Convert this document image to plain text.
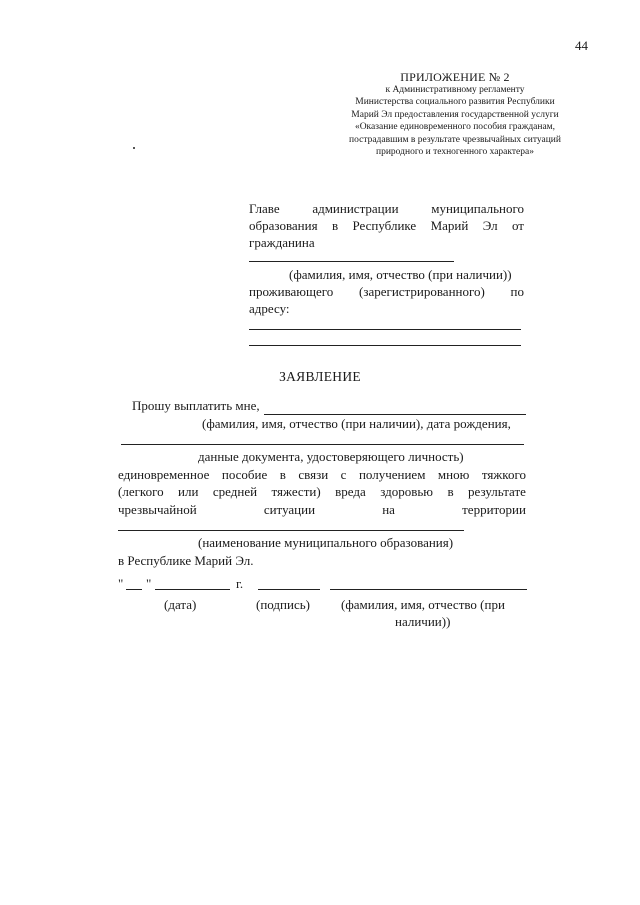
44
ПРИЛОЖЕНИЕ № 2
к Административному регламенту
Министерства социального развития Республики
Марий Эл предоставления государственной услуги
«Оказание единовременного пособия гражданам,
пострадавшим в результате чрезвычайных ситуаций
природного и техногенного характера»
Главе	администрации	муниципального
образования в Республике Марий Эл от
гражданина
(фамилия, имя, отчество (при наличии))
проживающего (зарегистрированного) по
адресу:
ЗАЯВЛЕНИЕ
Прошу выплатить мне,
(фамилия, имя, отчество (при наличии), дата рождения,
данные документа, удостоверяющего личность)
единовременное пособие в связи с получением мною тяжкого
(легкого или средней тяжести) вреда здоровью в результате
чрезвычайной	ситуации	на	территории
(наименование муниципального образования)
в Республике Марий Эл.
" "	г.
(дата)	(подпись) (фамилия, имя, отчество (при
наличии))
